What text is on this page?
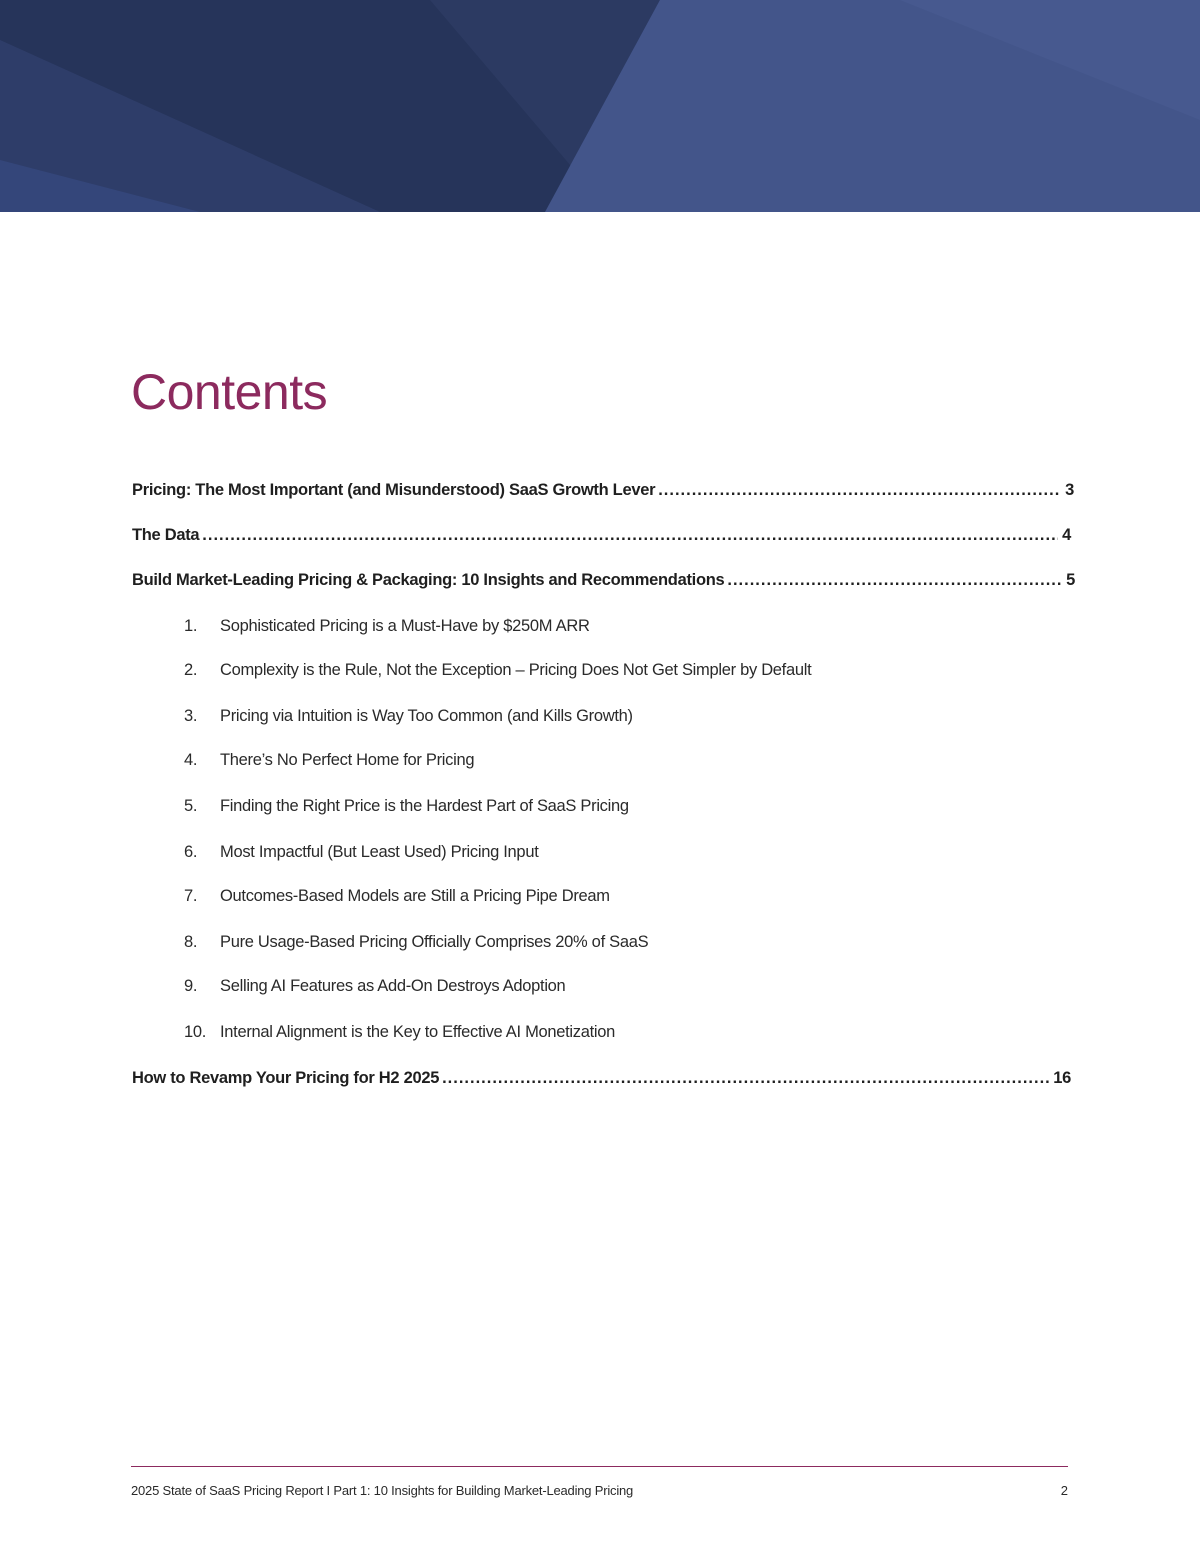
Contents
Pricing: The Most Important (and Misunderstood) SaaS Growth Lever .....	3
The Data .....	4
Build Market-Leading Pricing & Packaging: 10 Insights and Recommendations .....	5
1.	Sophisticated Pricing is a Must-Have by $250M ARR
2.	Complexity is the Rule, Not the Exception – Pricing Does Not Get Simpler by Default
3.	Pricing via Intuition is Way Too Common (and Kills Growth)
4.	There’s No Perfect Home for Pricing
5.	Finding the Right Price is the Hardest Part of SaaS Pricing
6.	Most Impactful (But Least Used) Pricing Input
7.	Outcomes-Based Models are Still a Pricing Pipe Dream
8.	Pure Usage-Based Pricing Officially Comprises 20% of SaaS
9.	Selling AI Features as Add-On Destroys Adoption
10. Internal Alignment is the Key to Effective AI Monetization
How to Revamp Your Pricing for H2 2025 .....	16
2025 State of SaaS Pricing Report I Part 1: 10 Insights for Building Market-Leading Pricing	2
